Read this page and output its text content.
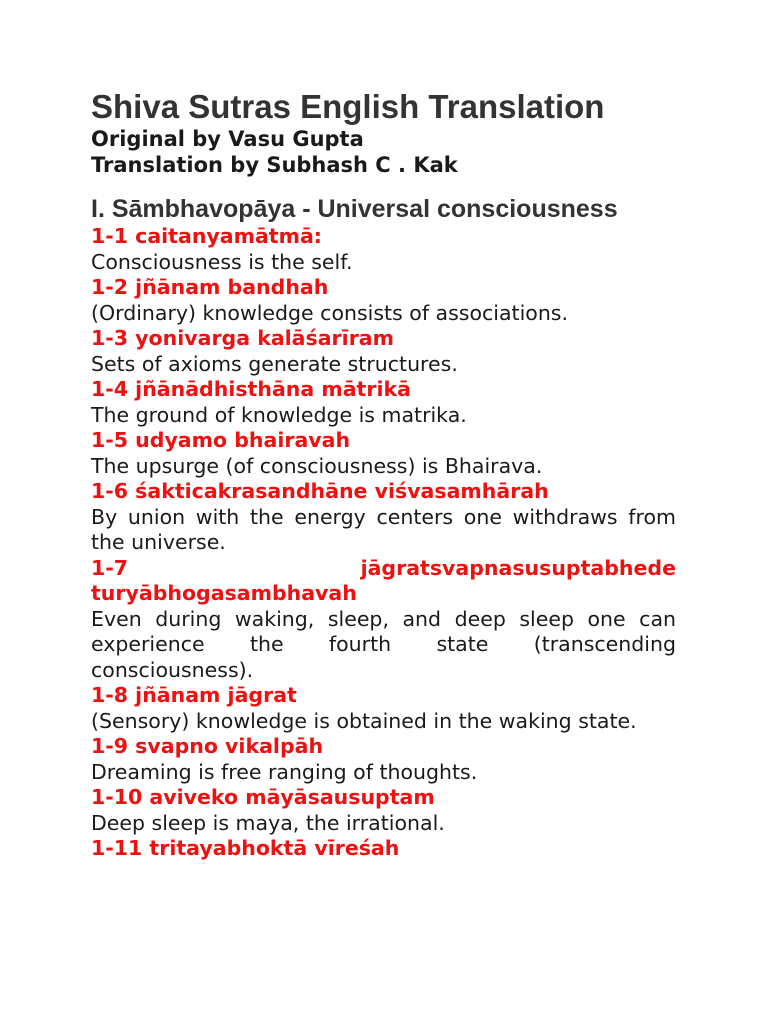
Shiva Sutras English Translation

Original by Vasu Gupta

Translation by Subhash C . Kak

I. Sāmbhavopāya - Universal consciousness

1-1 caitanyamātmā:

Consciousness is the self.

1-2 jñānam bandhah

(Ordinary) knowledge consists of associations.

1-3 yonivarga kalāśarīram

Sets of axioms generate structures.

1-4 jñānādhisthāna mātrikā

The ground of knowledge is matrika.

1-5 udyamo bhairavah

The upsurge (of consciousness) is Bhairava.

1-6 śakticakrasandhāne viśvasamhārah

By union with the energy centers one withdraws from the universe.

1-7 jāgratsvapnasusuptabhede turyābhogasambhavah

Even during waking, sleep, and deep sleep one can experience the fourth state (transcending consciousness).

1-8 jñānam jāgrat

(Sensory) knowledge is obtained in the waking state.

1-9 svapno vikalpāh

Dreaming is free ranging of thoughts.

1-10 aviveko māyāsausuptam

Deep sleep is maya, the irrational.

1-11 tritayabhoktā vīreśah
